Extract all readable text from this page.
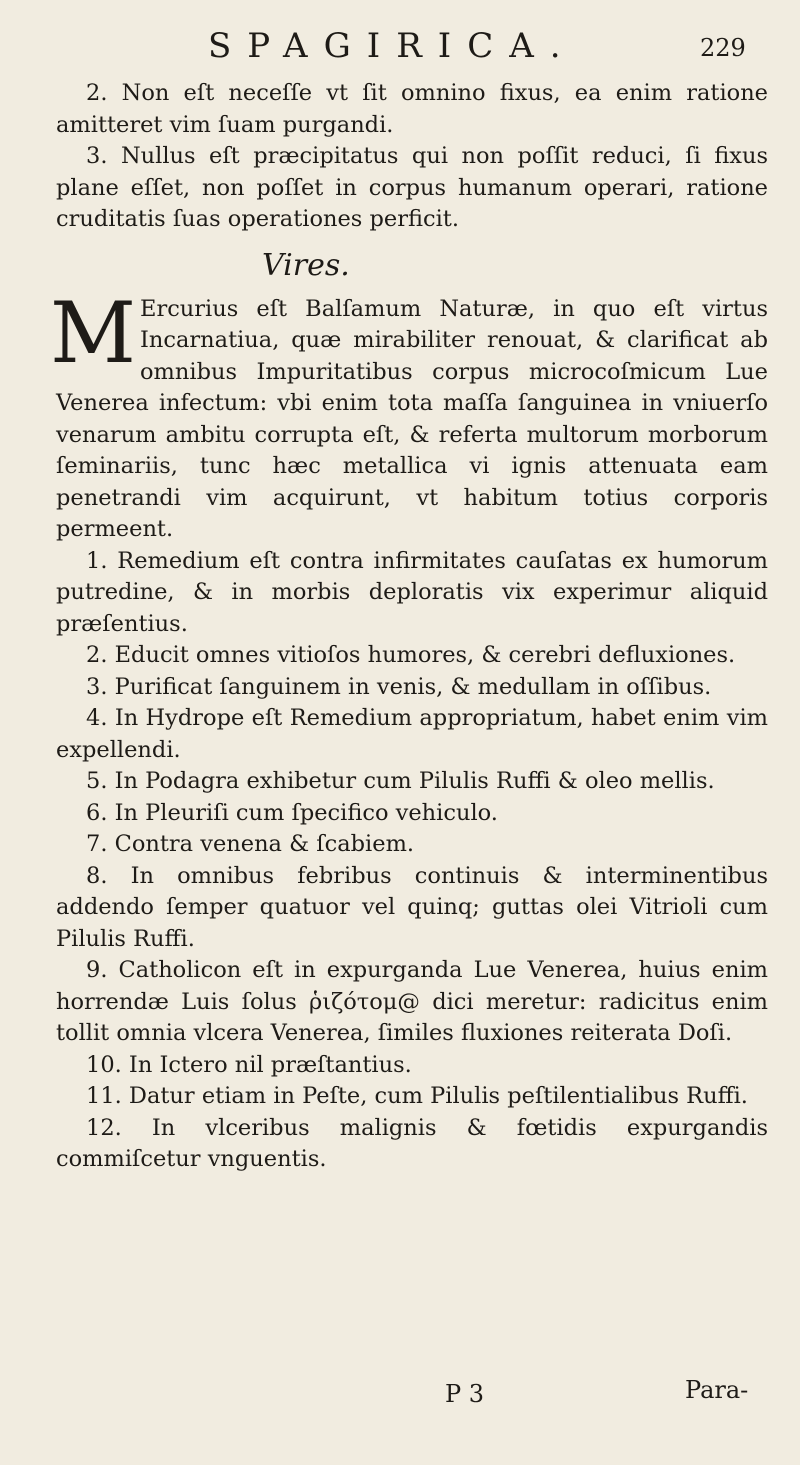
SPAGIRICA.	229

2. Non eſt neceſſe vt ſit omnino fixus, ea enim ratione amitteret vim ſuam purgandi.

3. Nullus eſt præcipitatus qui non poſſit reduci, ſi fixus plane eſſet, non poſſet in corpus humanum operari, ratione cruditatis ſuas operationes perficit.

Vires.
M Ercurius eſt Balſamum Naturæ, in quo eſt virtus Incarnatiua, quæ mirabiliter renouat, & clarificat ab omnibus Impuritatibus corpus microcoſmicum Lue Venerea infectum: vbi enim tota maſſa ſanguinea in vniuerſo venarum ambitu corrupta eſt, & referta multorum morborum ſeminariis, tunc hæc metallica vi ignis attenuata eam penetrandi vim acquirunt, vt habitum totius corporis permeent.

1. Remedium eſt contra infirmitates cauſatas ex humorum putredine, & in morbis deploratis vix experimur aliquid præſentius.

2. Educit omnes vitioſos humores, & cerebri defluxiones.

3. Purificat ſanguinem in venis, & medullam in oſſibus.

4. In Hydrope eſt Remedium appropriatum, habet enim vim expellendi.

5. In Podagra exhibetur cum Pilulis Ruffi & oleo mellis.

6. In Pleuriſi cum ſpecifico vehiculo.

7. Contra venena & ſcabiem.

8. In omnibus febribus continuis & interminentibus addendo ſemper quatuor vel quinq; guttas olei Vitrioli cum Pilulis Ruffi.

9. Catholicon eſt in expurganda Lue Venerea, huius enim horrendæ Luis ſolus ῥιζότομ@ dici meretur: radicitus enim tollit omnia vlcera Venerea, ſimiles fluxiones reiterata Doſi.

10. In Ictero nil præſtantius.

11. Datur etiam in Peſte, cum Pilulis peſtilentialibus Ruffi.

12. In vlceribus malignis & fœtidis expurgandis commiſcetur vnguentis.

P 3	Para-
